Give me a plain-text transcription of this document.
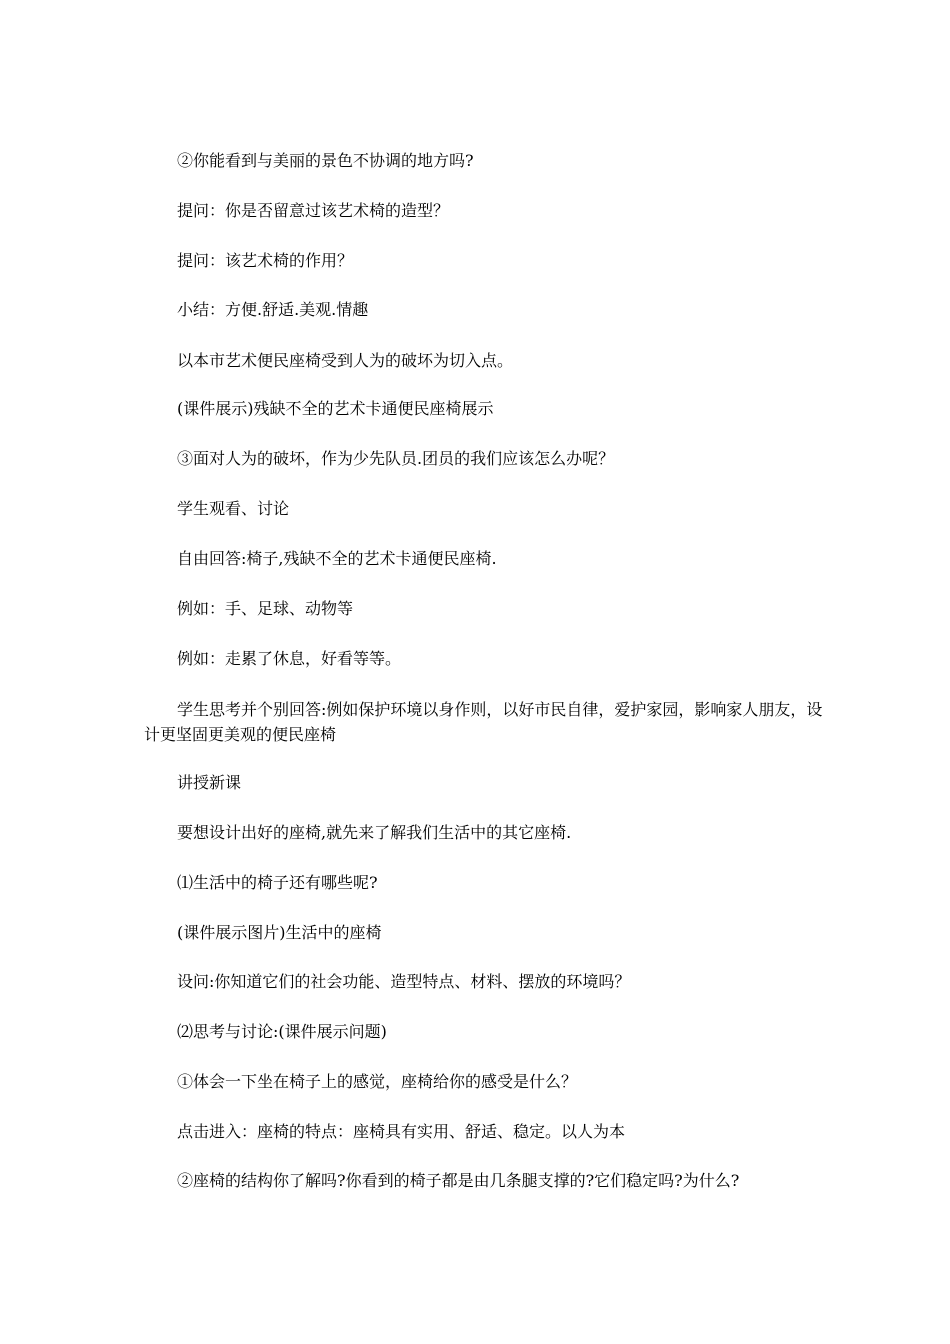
②你能看到与美丽的景色不协调的地方吗?

提问：你是否留意过该艺术椅的造型？

提问：该艺术椅的作用？

小结：方便.舒适.美观.情趣

以本市艺术便民座椅受到人为的破坏为切入点。

(课件展示)残缺不全的艺术卡通便民座椅展示

③面对人为的破坏，作为少先队员.团员的我们应该怎么办呢？

学生观看、讨论

自由回答:椅子,残缺不全的艺术卡通便民座椅.

例如：手、足球、动物等

例如：走累了休息，好看等等。

学生思考并个别回答:例如保护环境以身作则，以好市民自律，爱护家园，影响家人朋友，设计更坚固更美观的便民座椅

讲授新课

要想设计出好的座椅,就先来了解我们生活中的其它座椅.

⑴生活中的椅子还有哪些呢?

(课件展示图片)生活中的座椅

设问:你知道它们的社会功能、造型特点、材料、摆放的环境吗？

⑵思考与讨论:(课件展示问题)

①体会一下坐在椅子上的感觉，座椅给你的感受是什么？

点击进入：座椅的特点：座椅具有实用、舒适、稳定。以人为本

②座椅的结构你了解吗?你看到的椅子都是由几条腿支撑的?它们稳定吗?为什么?
